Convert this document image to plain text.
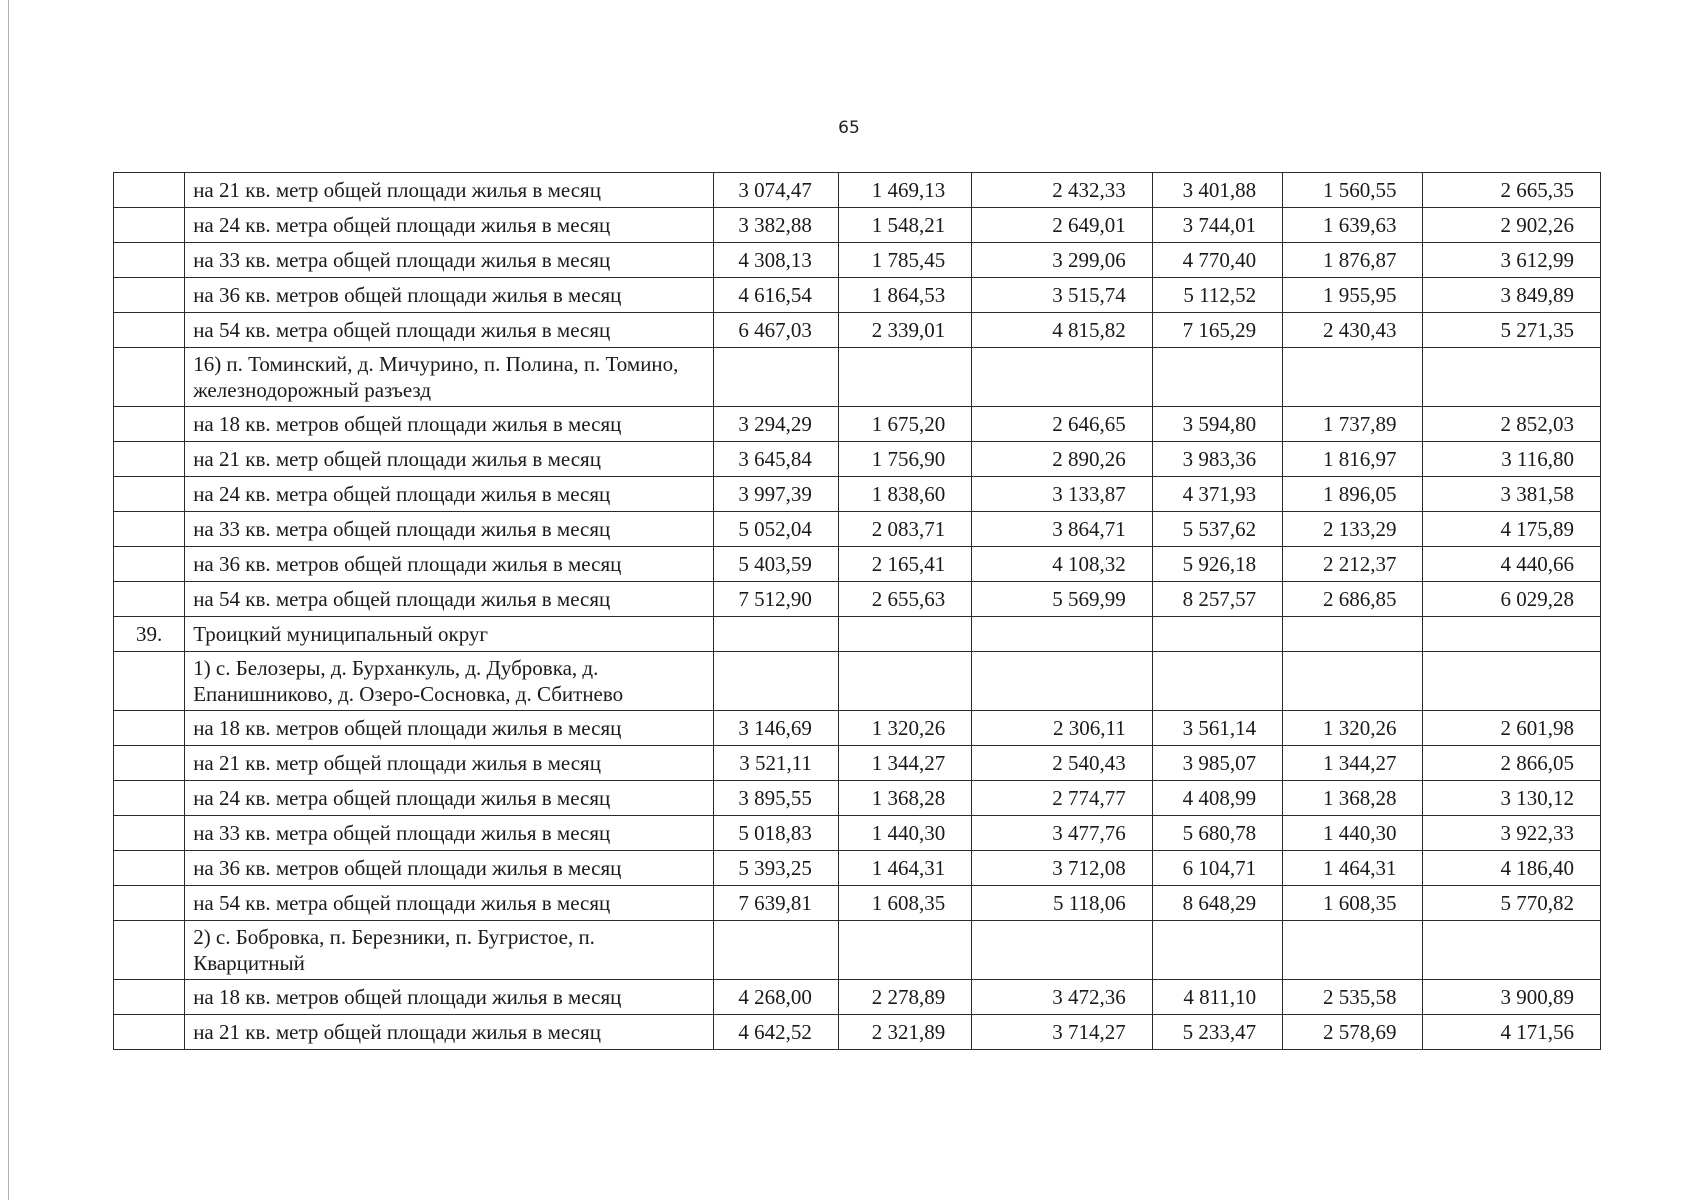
65
	на 21 кв. метр общей площади жилья в месяц	3 074,47	1 469,13	2 432,33	3 401,88	1 560,55	2 665,35
	на 24 кв. метра общей площади жилья в месяц	3 382,88	1 548,21	2 649,01	3 744,01	1 639,63	2 902,26
	на 33 кв. метра общей площади жилья в месяц	4 308,13	1 785,45	3 299,06	4 770,40	1 876,87	3 612,99
	на 36 кв. метров общей площади жилья в месяц	4 616,54	1 864,53	3 515,74	5 112,52	1 955,95	3 849,89
	на 54 кв. метра общей площади жилья в месяц	6 467,03	2 339,01	4 815,82	7 165,29	2 430,43	5 271,35
	16) п. Томинский, д. Мичурино, п. Полина, п. Томино, железнодорожный разъезд						
	на 18 кв. метров общей площади жилья в месяц	3 294,29	1 675,20	2 646,65	3 594,80	1 737,89	2 852,03
	на 21 кв. метр общей площади жилья в месяц	3 645,84	1 756,90	2 890,26	3 983,36	1 816,97	3 116,80
	на 24 кв. метра общей площади жилья в месяц	3 997,39	1 838,60	3 133,87	4 371,93	1 896,05	3 381,58
	на 33 кв. метра общей площади жилья в месяц	5 052,04	2 083,71	3 864,71	5 537,62	2 133,29	4 175,89
	на 36 кв. метров общей площади жилья в месяц	5 403,59	2 165,41	4 108,32	5 926,18	2 212,37	4 440,66
	на 54 кв. метра общей площади жилья в месяц	7 512,90	2 655,63	5 569,99	8 257,57	2 686,85	6 029,28
39.	Троицкий муниципальный округ						
	1) с. Белозеры, д. Бурханкуль, д. Дубровка, д. Епанишниково, д. Озеро-Сосновка, д. Сбитнево						
	на 18 кв. метров общей площади жилья в месяц	3 146,69	1 320,26	2 306,11	3 561,14	1 320,26	2 601,98
	на 21 кв. метр общей площади жилья в месяц	3 521,11	1 344,27	2 540,43	3 985,07	1 344,27	2 866,05
	на 24 кв. метра общей площади жилья в месяц	3 895,55	1 368,28	2 774,77	4 408,99	1 368,28	3 130,12
	на 33 кв. метра общей площади жилья в месяц	5 018,83	1 440,30	3 477,76	5 680,78	1 440,30	3 922,33
	на 36 кв. метров общей площади жилья в месяц	5 393,25	1 464,31	3 712,08	6 104,71	1 464,31	4 186,40
	на 54 кв. метра общей площади жилья в месяц	7 639,81	1 608,35	5 118,06	8 648,29	1 608,35	5 770,82
	2) с. Бобровка, п. Березники, п. Бугристое, п. Кварцитный						
	на 18 кв. метров общей площади жилья в месяц	4 268,00	2 278,89	3 472,36	4 811,10	2 535,58	3 900,89
	на 21 кв. метр общей площади жилья в месяц	4 642,52	2 321,89	3 714,27	5 233,47	2 578,69	4 171,56
